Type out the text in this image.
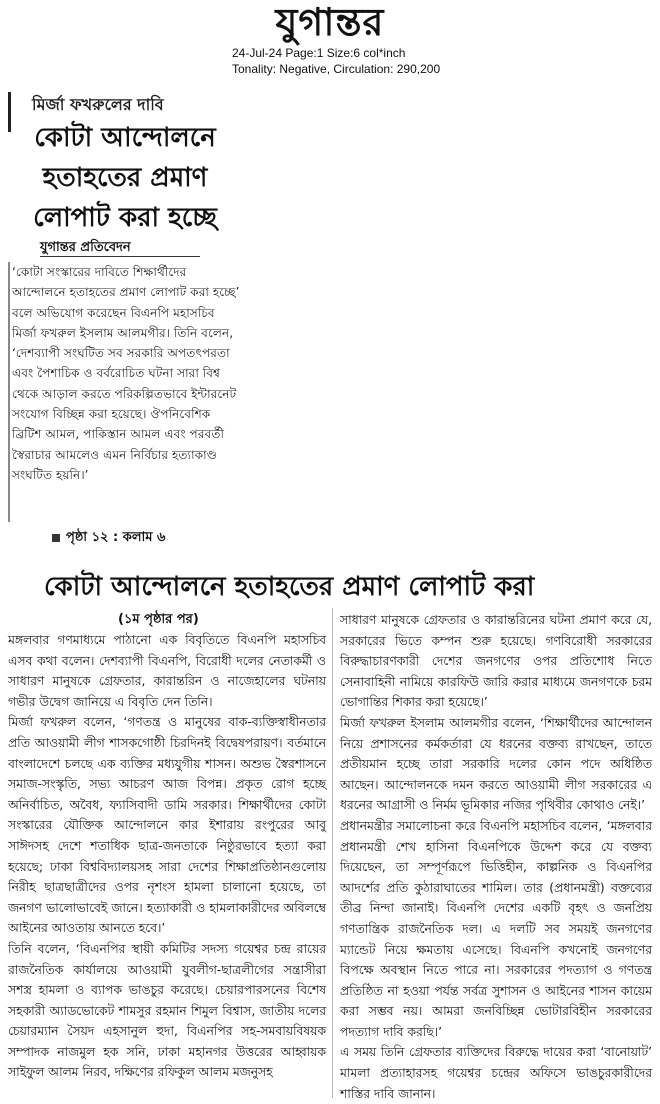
যুগান্তর
24-Jul-24 Page:1 Size:6 col*inch
Tonality: Negative, Circulation: 290,200
মির্জা ফখরুলের দাবি
কোটা আন্দোলনে হতাহতের প্রমাণ লোপাট করা হচ্ছে
যুগান্তর প্রতিবেদন
‘কোটা সংস্কারের দাবিতে শিক্ষার্থীদের আন্দোলনে হতাহতের প্রমাণ লোপাট করা হচ্ছে’ বলে অভিযোগ করেছেন বিএনপি মহাসচিব মির্জা ফখরুল ইসলাম আলমগীর। তিনি বলেন, ‘দেশব্যাপী সংঘটিত সব সরকারি অপতৎপরতা এবং পৈশাচিক ও বর্বরোচিত ঘটনা সারা বিশ্ব থেকে আড়াল করতে পরিকল্পিতভাবে ইন্টারনেট সংযোগ বিচ্ছিন্ন করা হয়েছে। ঔপনিবেশিক ব্রিটিশ আমল, পাকিস্তান আমল এবং পরবর্তী স্বৈরাচার আমলেও এমন নির্বিচার হত্যাকাণ্ড সংঘটিত হয়নি।’
পৃষ্ঠা ১২ : কলাম ৬
কোটা আন্দোলনে হতাহতের প্রমাণ লোপাট করা
(১ম পৃষ্ঠার পর)

মঙ্গলবার গণমাধ্যমে পাঠানো এক বিবৃতিতে বিএনপি মহাসচিব এসব কথা বলেন। দেশব্যাপী বিএনপি, বিরোধী দলের নেতাকর্মী ও সাধারণ মানুষকে গ্রেফতার, কারান্তরিন ও নাজেহালের ঘটনায় গভীর উদ্বেগ জানিয়ে এ বিবৃতি দেন তিনি।

মির্জা ফখরুল বলেন, ‘গণতন্ত্র ও মানুষের বাক-ব্যক্তিস্বাধীনতার প্রতি আওয়ামী লীগ শাসকগোষ্ঠী চিরদিনই বিদ্বেষপরায়ণ। বর্তমানে বাংলাদেশে চলছে এক ব্যক্তির মধ্যযুগীয় শাসন। অশুভ স্বৈরশাসনে সমাজ-সংস্কৃতি, সভ্য আচরণ আজ বিপন্ন। প্রকৃত রোগ হচ্ছে অনির্বাচিত, অবৈধ, ফ্যাসিবাদী ডামি সরকার। শিক্ষার্থীদের কোটা সংস্কারের যৌক্তিক আন্দোলনে কার ইশারায় রংপুরের আবু সাঈদসহ দেশে শতাধিক ছাত্র-জনতাকে নিষ্ঠুরভাবে হত্যা করা হয়েছে; ঢাকা বিশ্ববিদ্যালয়সহ সারা দেশের শিক্ষাপ্রতিষ্ঠানগুলোয় নিরীহ ছাত্রছাত্রীদের ওপর নৃশংস হামলা চালানো হয়েছে, তা জনগণ ভালোভাবেই জানে। হত্যাকারী ও হামলাকারীদের অবিলম্বে আইনের আওতায় আনতে হবে।’

তিনি বলেন, ‘বিএনপির স্থায়ী কমিটির সদস্য গয়েশ্বর চন্দ্র রায়ের রাজনৈতিক কার্যালয়ে আওয়ামী যুবলীগ-ছাত্রলীগের সন্ত্রাসীরা সশস্ত্র হামলা ও ব্যাপক ভাঙচুর করেছে। চেয়ারপারসনের বিশেষ সহকারী অ্যাডভোকেট শামসুর রহমান শিমুল বিশ্বাস, জাতীয় দলের চেয়ারম্যান সৈয়দ এহসানুল হুদা, বিএনপির সহ-সমবায়বিষয়ক সম্পাদক নাজমুল হক সনি, ঢাকা মহানগর উত্তরের আহ্বায়ক সাইফুল আলম নিরব, দক্ষিণের রফিকুল আলম মজনুসহ

সাধারণ মানুষকে গ্রেফতার ও কারান্তরিনের ঘটনা প্রমাণ করে যে, সরকারের ভিতে কম্পন শুরু হয়েছে। গণবিরোধী সরকারের বিরুদ্ধাচারণকারী দেশের জনগণের ওপর প্রতিশোধ নিতে সেনাবাহিনী নামিয়ে কারফিউ জারি করার মাধ্যমে জনগণকে চরম ভোগান্তির শিকার করা হয়েছে।’

মির্জা ফখরুল ইসলাম আলমগীর বলেন, ‘শিক্ষার্থীদের আন্দোলন নিয়ে প্রশাসনের কর্মকর্তারা যে ধরনের বক্তব্য রাখছেন, তাতে প্রতীয়মান হচ্ছে তারা সরকারি দলের কোন পদে অধিষ্ঠিত আছেন। আন্দোলনকে দমন করতে আওয়ামী লীগ সরকারের এ ধরনের আগ্রাসী ও নির্মম ভূমিকার নজির পৃথিবীর কোথাও নেই।’

প্রধানমন্ত্রীর সমালোচনা করে বিএনপি মহাসচিব বলেন, ‘মঙ্গলবার প্রধানমন্ত্রী শেখ হাসিনা বিএনপিকে উদ্দেশ করে যে বক্তব্য দিয়েছেন, তা সম্পূর্ণরূপে ভিত্তিহীন, কাল্পনিক ও বিএনপির আদর্শের প্রতি কুঠারাঘাতের শামিল। তার (প্রধানমন্ত্রী) বক্তব্যের তীব্র নিন্দা জানাই। বিএনপি দেশের একটি বৃহৎ ও জনপ্রিয় গণতান্ত্রিক রাজনৈতিক দল। এ দলটি সব সময়ই জনগণের ম্যান্ডেট নিয়ে ক্ষমতায় এসেছে। বিএনপি কখনোই জনগণের বিপক্ষে অবস্থান নিতে পারে না। সরকারের পদত্যাগ ও গণতন্ত্র প্রতিষ্ঠিত না হওয়া পর্যন্ত সর্বত্র সুশাসন ও আইনের শাসন কায়েম করা সম্ভব নয়। আমরা জনবিচ্ছিন্ন ভোটারবিহীন সরকারের পদত্যাগ দাবি করছি।’

এ সময় তিনি গ্রেফতার ব্যক্তিদের বিরুদ্ধে দায়ের করা ‘বানোয়াট’ মামলা প্রত্যাহারসহ গয়েশ্বর চন্দ্রের অফিসে ভাঙচুরকারীদের শাস্তির দাবি জানান।
